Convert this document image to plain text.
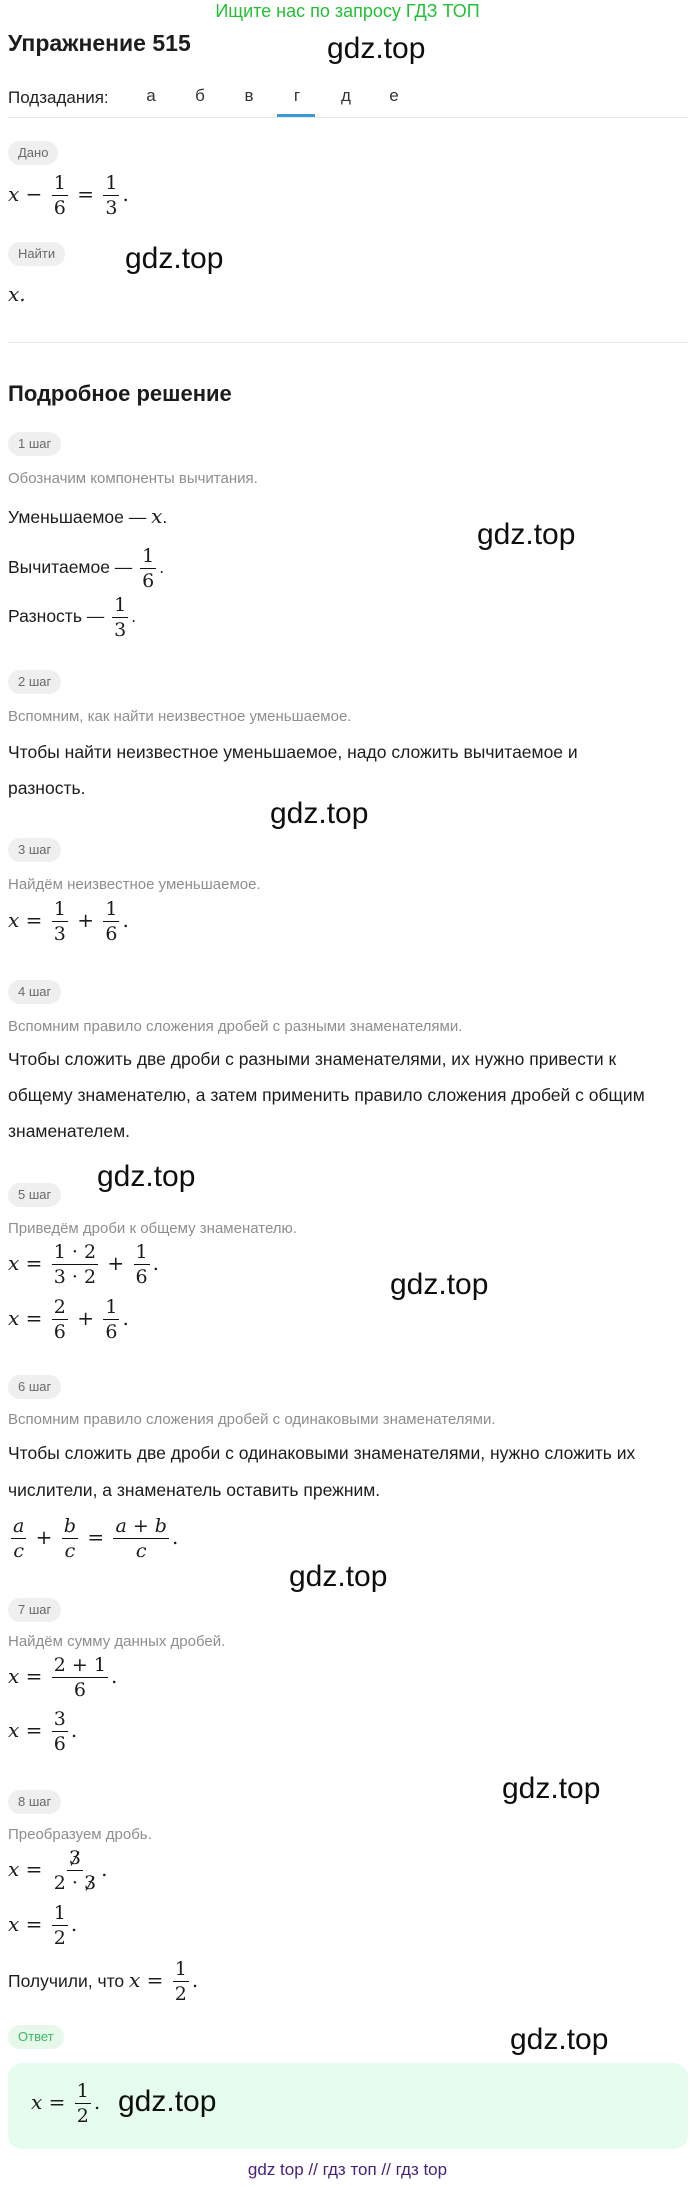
Ищите нас по запросу ГДЗ ТОП
Упражнение 515	gdz.top
Подзадания:	а	б	в	г	д	е
Дано
$x - \frac{1}{6} = \frac{1}{3}$ .
Найти	gdz.top
x.
Подробное решение
1 шаг
Обозначим компоненты вычитания.
Уменьшаемое — x.
gdz.top
Вычитаемое — $\frac{1}{6}$ .
Разность — $\frac{1}{3}$ .
2 шаг
Вспомним, как найти неизвестное уменьшаемое.
Чтобы найти неизвестное уменьшаемое, надо сложить вычитаемое и
разность.
gdz.top
3 шаг
Найдём неизвестное уменьшаемое.
$x = \frac{1}{3} + \frac{1}{6}$ .
4 шаг
Вспомним правило сложения дробей с разными знаменателями.
Чтобы сложить две дроби с разными знаменателями, их нужно привести к
общему знаменателю, а затем применить правило сложения дробей с общим
знаменателем.
gdz.top
5 шаг
Приведём дроби к общему знаменателю.
$x = \frac{1 \cdot 2}{3 \cdot 2} + \frac{1}{6}$ .
gdz.top
$x = \frac{2}{6} + \frac{1}{6}$ .
6 шаг
Вспомним правило сложения дробей с одинаковыми знаменателями.
Чтобы сложить две дроби с одинаковыми знаменателями, нужно сложить их
числители, а знаменатель оставить прежним.
$\frac{a}{c} + \frac{b}{c} = \frac{a + b}{c}$ .
gdz.top
7 шаг
Найдём сумму данных дробей.
$x = \frac{2 + 1}{6}$ .
$x = \frac{3}{6}$ .
gdz.top
8 шаг
Преобразуем дробь.
$x = \frac{3}{2 \cdot 3}$ .
$x = \frac{1}{2}$ .
Получили, что $x = \frac{1}{2}$ .
Ответ	gdz.top
$x = \frac{1}{2}$ . gdz.top
gdz top // гдз топ // гдз top
